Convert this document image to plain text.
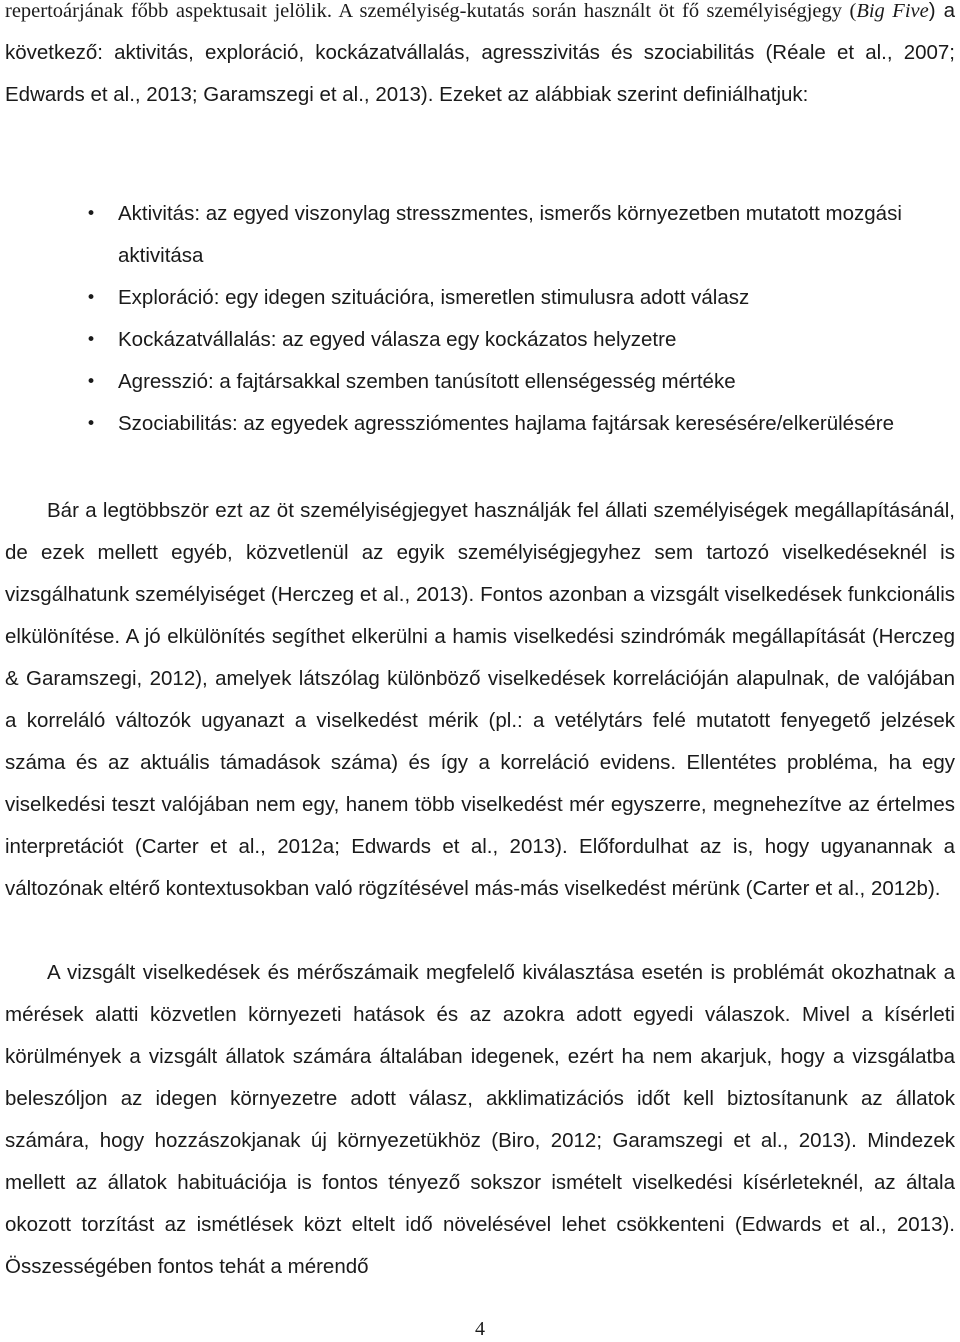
repertoárjának főbb aspektusait jelölik. A személyiség-kutatás során használt öt fő személyiségjegy (Big Five) a következő: aktivitás, exploráció, kockázatvállalás, agresszivitás és szociabilitás (Réale et al., 2007; Edwards et al., 2013; Garamszegi et al., 2013). Ezeket az alábbiak szerint definiálhatjuk:

• Aktivitás: az egyed viszonylag stresszmentes, ismerős környezetben mutatott mozgási aktivitása
• Exploráció: egy idegen szituációra, ismeretlen stimulusra adott válasz
• Kockázatvállalás: az egyed válasza egy kockázatos helyzetre
• Agresszió: a fajtársakkal szemben tanúsított ellenségesség mértéke
• Szociabilitás: az egyedek agressziómentes hajlama fajtársak keresésére/elkerülésére

Bár a legtöbbször ezt az öt személyiségjegyet használják fel állati személyiségek megállapításánál, de ezek mellett egyéb, közvetlenül az egyik személyiségjegyhez sem tartozó viselkedéseknél is vizsgálhatunk személyiséget (Herczeg et al., 2013). Fontos azonban a vizsgált viselkedések funkcionális elkülönítése. A jó elkülönítés segíthet elkerülni a hamis viselkedési szindrómák megállapítását (Herczeg & Garamszegi, 2012), amelyek látszólag különböző viselkedések korrelációján alapulnak, de valójában a korreláló változók ugyanazt a viselkedést mérik (pl.: a vetélytárs felé mutatott fenyegető jelzések száma és az aktuális támadások száma) és így a korreláció evidens. Ellentétes probléma, ha egy viselkedési teszt valójában nem egy, hanem több viselkedést mér egyszerre, megnehezítve az értelmes interpretációt (Carter et al., 2012a; Edwards et al., 2013). Előfordulhat az is, hogy ugyanannak a változónak eltérő kontextusokban való rögzítésével más-más viselkedést mérünk (Carter et al., 2012b).

A vizsgált viselkedések és mérőszámaik megfelelő kiválasztása esetén is problémát okozhatnak a mérések alatti közvetlen környezeti hatások és az azokra adott egyedi válaszok. Mivel a kísérleti körülmények a vizsgált állatok számára általában idegenek, ezért ha nem akarjuk, hogy a vizsgálatba beleszóljon az idegen környezetre adott válasz, akklimatizációs időt kell biztosítanunk az állatok számára, hogy hozzászokjanak új környezetükhöz (Biro, 2012; Garamszegi et al., 2013). Mindezek mellett az állatok habituációja is fontos tényező sokszor ismételt viselkedési kísérleteknél, az általa okozott torzítást az ismétlések közt eltelt idő növelésével lehet csökkenteni (Edwards et al., 2013). Összességében fontos tehát a mérendő

4
